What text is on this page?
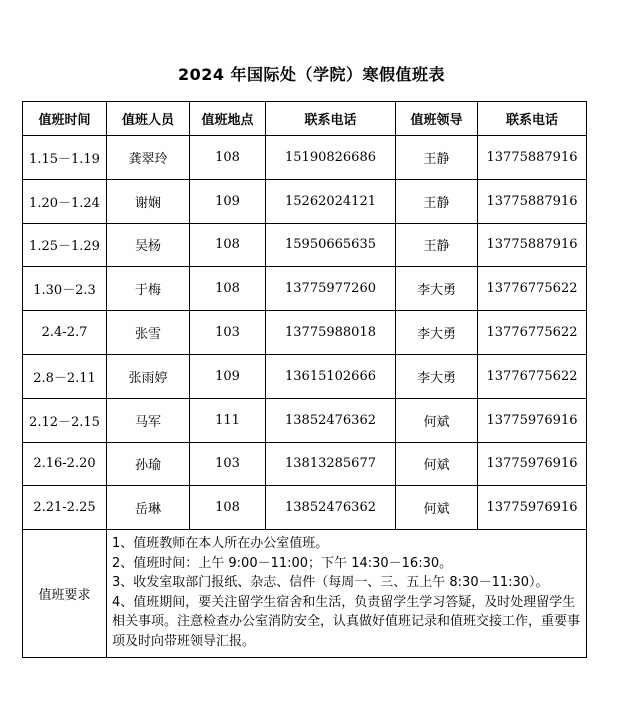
2024 年国际处（学院）寒假值班表
值班时间	值班人员	值班地点	联系电话	值班领导	联系电话
1.15－1.19	龚翠玲	108	15190826686	王静	13775887916
1.20－1.24	谢娴	109	15262024121	王静	13775887916
1.25－1.29	吴杨	108	15950665635	王静	13775887916
1.30－2.3	于梅	108	13775977260	李大勇	13776775622
2.4-2.7	张雪	103	13775988018	李大勇	13776775622
2.8－2.11	张雨婷	109	13615102666	李大勇	13776775622
2.12－2.15	马军	111	13852476362	何斌	13775976916
2.16-2.20	孙瑜	103	13813285677	何斌	13775976916
2.21-2.25	岳琳	108	13852476362	何斌	13775976916
值班要求	1、值班教师在本人所在办公室值班。
2、值班时间：上午 9:00－11:00；下午 14:30－16:30。
3、收发室取部门报纸、杂志、信件（每周一、三、五上午 8:30－11:30）。
4、值班期间，要关注留学生宿舍和生活，负责留学生学习答疑，及时处理留学生相关事项。注意检查办公室消防安全，认真做好值班记录和值班交接工作，重要事项及时向带班领导汇报。				
